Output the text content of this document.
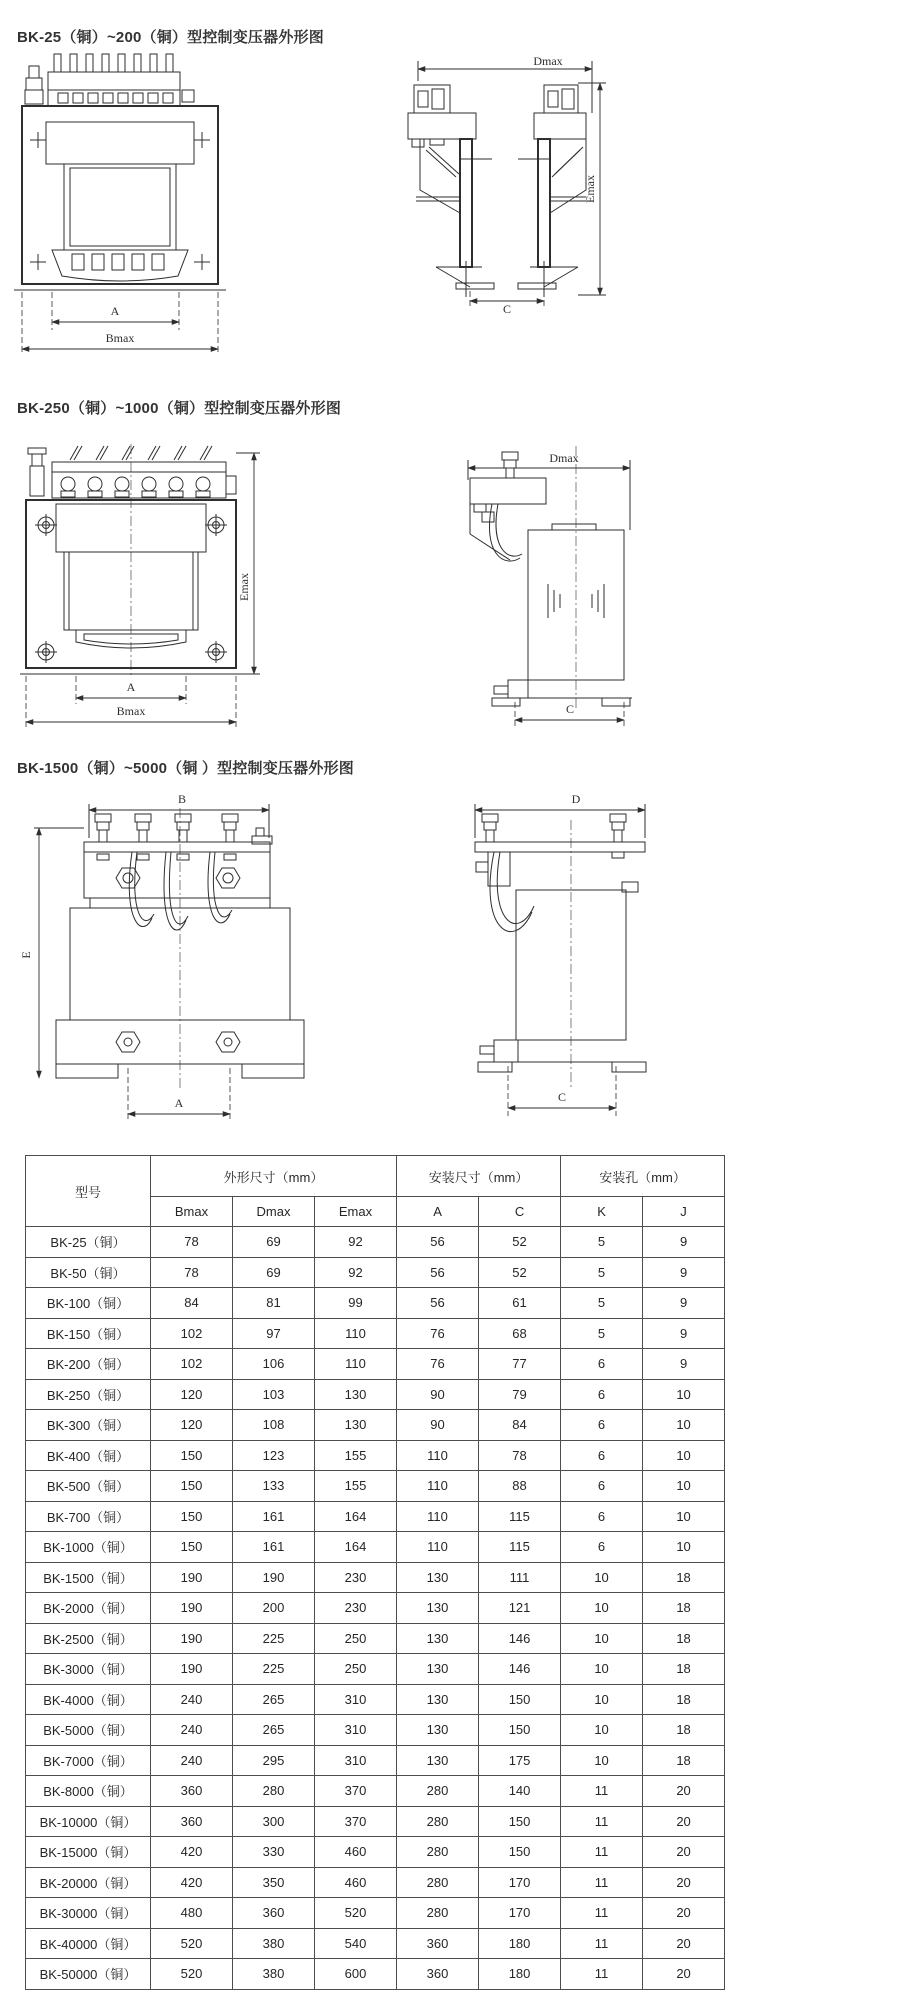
BK-25（铜）~200（铜）型控制变压器外形图
A
Bmax
Dmax
Emax
C
BK-250（铜）~1000（铜）型控制变压器外形图
A
Bmax
Emax
Dmax
C
BK-1500（铜）~5000（铜 ）型控制变压器外形图
B
E
A
D
C
型号	外形尺寸（mm）			安装尺寸（mm）		安装孔（mm）	
	Bmax	Dmax	Emax	A	C	K	J
BK-25（铜）	78	69	92	56	52	5	9
BK-50（铜）	78	69	92	56	52	5	9
BK-100（铜）	84	81	99	56	61	5	9
BK-150（铜）	102	97	110	76	68	5	9
BK-200（铜）	102	106	110	76	77	6	9
BK-250（铜）	120	103	130	90	79	6	10
BK-300（铜）	120	108	130	90	84	6	10
BK-400（铜）	150	123	155	110	78	6	10
BK-500（铜）	150	133	155	110	88	6	10
BK-700（铜）	150	161	164	110	115	6	10
BK-1000（铜）	150	161	164	110	115	6	10
BK-1500（铜）	190	190	230	130	111	10	18
BK-2000（铜）	190	200	230	130	121	10	18
BK-2500（铜）	190	225	250	130	146	10	18
BK-3000（铜）	190	225	250	130	146	10	18
BK-4000（铜）	240	265	310	130	150	10	18
BK-5000（铜）	240	265	310	130	150	10	18
BK-7000（铜）	240	295	310	130	175	10	18
BK-8000（铜）	360	280	370	280	140	11	20
BK-10000（铜）	360	300	370	280	150	11	20
BK-15000（铜）	420	330	460	280	150	11	20
BK-20000（铜）	420	350	460	280	170	11	20
BK-30000（铜）	480	360	520	280	170	11	20
BK-40000（铜）	520	380	540	360	180	11	20
BK-50000（铜）	520	380	600	360	180	11	20
